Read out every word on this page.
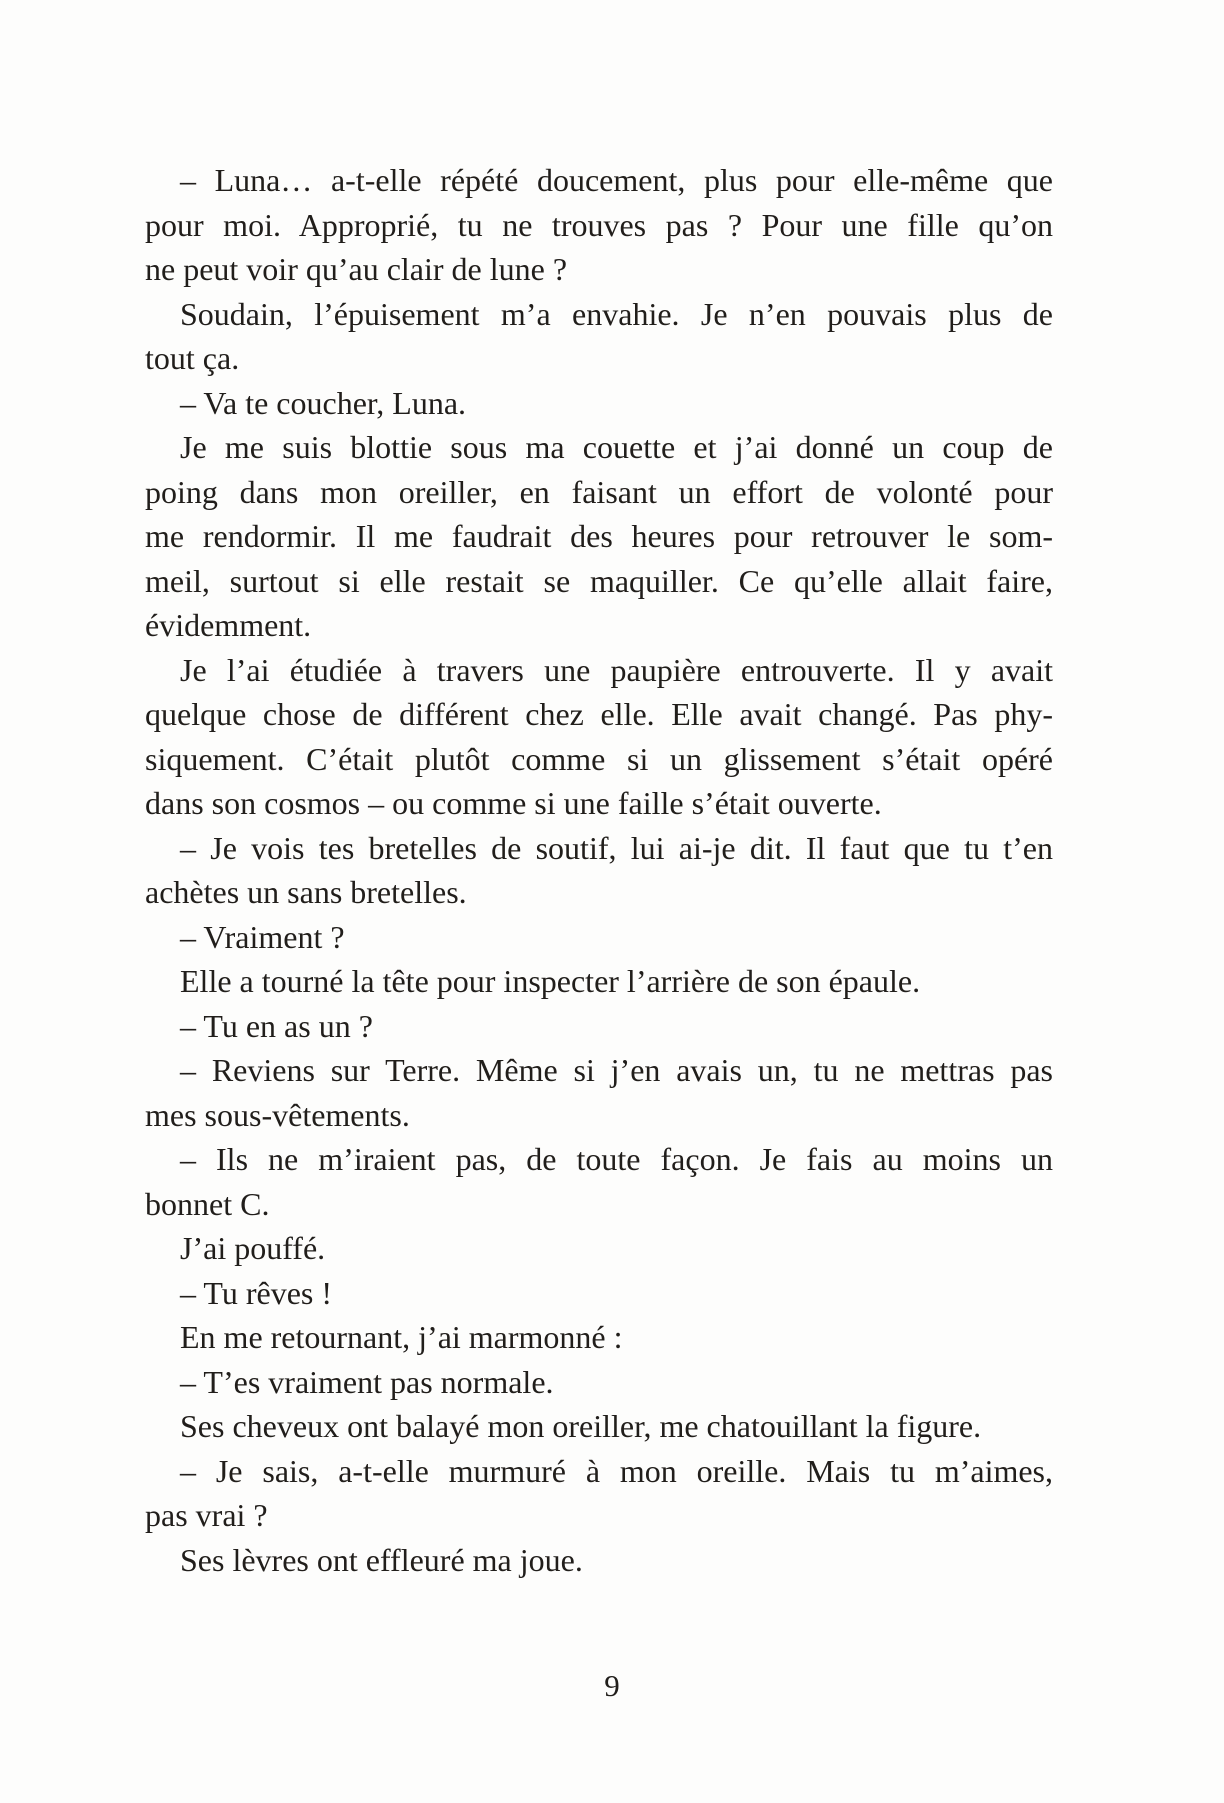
– Luna… a-t-elle répété doucement, plus pour elle-même que
pour moi. Approprié, tu ne trouves pas ? Pour une fille qu’on
ne peut voir qu’au clair de lune ?
Soudain, l’épuisement m’a envahie. Je n’en pouvais plus de
tout ça.
– Va te coucher, Luna.
Je me suis blottie sous ma couette et j’ai donné un coup de
poing dans mon oreiller, en faisant un effort de volonté pour
me rendormir. Il me faudrait des heures pour retrouver le som-
meil, surtout si elle restait se maquiller. Ce qu’elle allait faire,
évidemment.
Je l’ai étudiée à travers une paupière entrouverte. Il y avait
quelque chose de différent chez elle. Elle avait changé. Pas phy-
siquement. C’était plutôt comme si un glissement s’était opéré
dans son cosmos – ou comme si une faille s’était ouverte.
– Je vois tes bretelles de soutif, lui ai-je dit. Il faut que tu t’en
achètes un sans bretelles.
– Vraiment ?
Elle a tourné la tête pour inspecter l’arrière de son épaule.
– Tu en as un ?
– Reviens sur Terre. Même si j’en avais un, tu ne mettras pas
mes sous-vêtements.
– Ils ne m’iraient pas, de toute façon. Je fais au moins un
bonnet C.
J’ai pouffé.
– Tu rêves !
En me retournant, j’ai marmonné :
– T’es vraiment pas normale.
Ses cheveux ont balayé mon oreiller, me chatouillant la figure.
– Je sais, a-t-elle murmuré à mon oreille. Mais tu m’aimes,
pas vrai ?
Ses lèvres ont effleuré ma joue.
9
